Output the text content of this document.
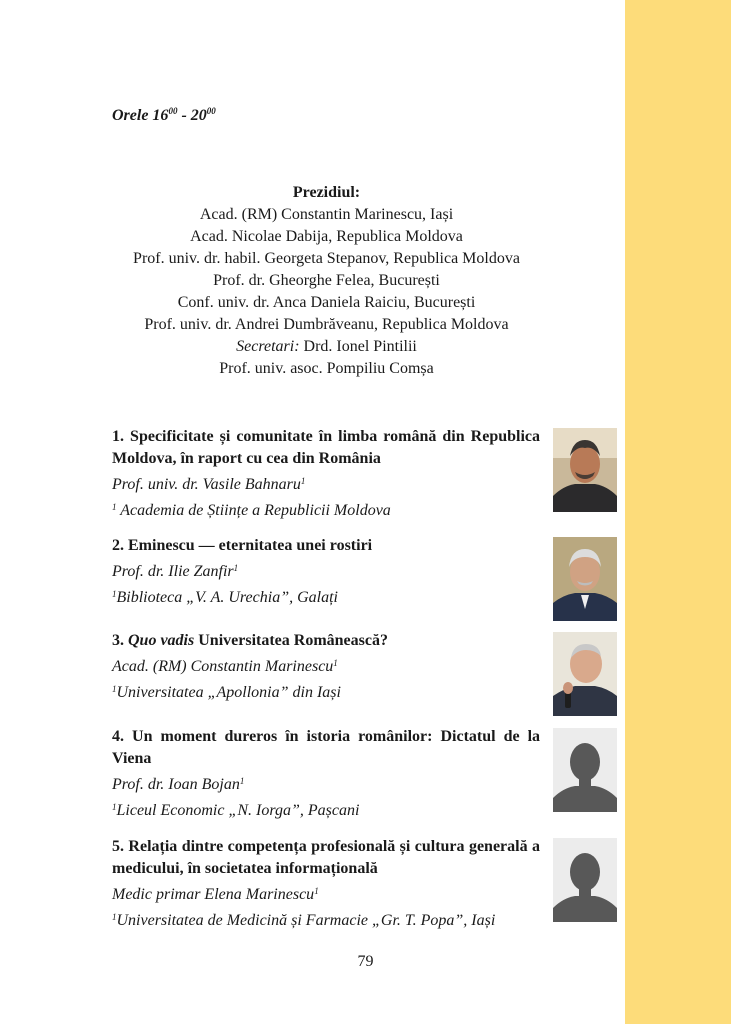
Orele $16^{00} - 20^{00}$
Prezidiul:
Acad. (RM) Constantin Marinescu, Iași
Acad. Nicolae Dabija, Republica Moldova
Prof. univ. dr. habil. Georgeta Stepanov, Republica Moldova
Prof. dr. Gheorghe Felea, București
Conf. univ. dr. Anca Daniela Raiciu, București
Prof. univ. dr. Andrei Dumbrăveanu, Republica Moldova
Secretari: Drd. Ionel Pintilii
Prof. univ. asoc. Pompiliu Comșa
1. Specificitate și comunitate în limba română din Republica Moldova, în raport cu cea din România
Prof. univ. dr. Vasile Bahnaru$^1$
$^1$ Academia de Științe a Republicii Moldova
2. Eminescu — eternitatea unei rostiri
Prof. dr. Ilie Zanfir$^1$
$^1$Biblioteca „V. A. Urechia”, Galați
3. Quo vadis Universitatea Românească?
Acad. (RM) Constantin Marinescu$^1$
$^1$Universitatea „Apollonia” din Iași
4. Un moment dureros în istoria românilor: Dictatul de la Viena
Prof. dr. Ioan Bojan$^1$
$^1$Liceul Economic „N. Iorga”, Pașcani
5. Relația dintre competența profesională și cultura generală a medicului, în societatea informațională
Medic primar Elena Marinescu$^1$
$^1$Universitatea de Medicină și Farmacie „Gr. T. Popa”, Iași
79
